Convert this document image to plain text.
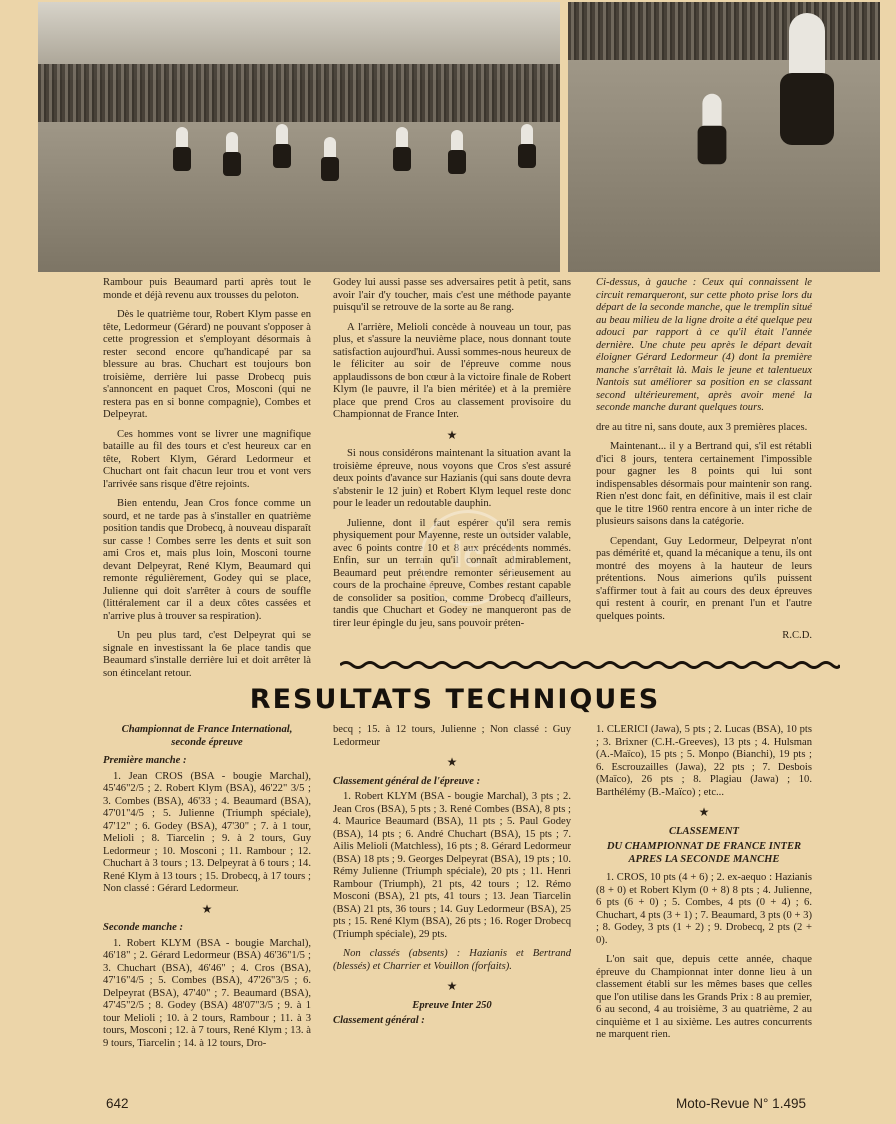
Rambour puis Beaumard parti après tout le monde et déjà revenu aux trousses du peloton.

Dès le quatrième tour, Robert Klym passe en tête, Ledormeur (Gérard) ne pouvant s'opposer à cette progression et s'employant désormais à rester second encore qu'handicapé par sa blessure au bras. Chuchart est toujours bon troisième, derrière lui passe Drobecq puis s'annoncent en paquet Cros, Mosconi (qui ne restera pas en si bonne compagnie), Combes et Delpeyrat.

Ces hommes vont se livrer une magnifique bataille au fil des tours et c'est heureux car en tête, Robert Klym, Gérard Ledormeur et Chuchart ont fait chacun leur trou et vont vers l'arrivée sans risque d'être rejoints.

Bien entendu, Jean Cros fonce comme un sourd, et ne tarde pas à s'installer en quatrième position tandis que Drobecq, à nouveau disparaît sur casse ! Combes serre les dents et suit son ami Cros et, mais plus loin, Mosconi tourne devant Delpeyrat, René Klym, Beaumard qui remonte régulièrement, Godey qui se place, Julienne qui doit s'arrêter à cours de souffle (littéralement car il a deux côtes cassées et n'arrive plus à trouver sa respiration).

Un peu plus tard, c'est Delpeyrat qui se signale en investissant la 6e place tandis que Beaumard s'installe derrière lui et doit arrêter là son étincelant retour.

Godey lui aussi passe ses adversaires petit à petit, sans avoir l'air d'y toucher, mais c'est une méthode payante puisqu'il se retrouve de la sorte au 8e rang.

A l'arrière, Melioli concède à nouveau un tour, pas plus, et s'assure la neuvième place, nous donnant toute satisfaction aujourd'hui. Aussi sommes-nous heureux de le féliciter au soir de l'épreuve comme nous applaudissons de bon cœur à la victoire finale de Robert Klym (le pauvre, il l'a bien méritée) et à la première place que prend Cros au classement provisoire du Championnat de France Inter.

★

Si nous considérons maintenant la situation avant la troisième épreuve, nous voyons que Cros s'est assuré deux points d'avance sur Hazianis (qui sans doute devra s'abstenir le 12 juin) et Robert Klym lequel reste donc pour le leader un redoutable dauphin.

Julienne, dont il faut espérer qu'il sera remis physiquement pour Mayenne, reste un outsider valable, avec 6 points contre 10 et 8 aux précédents nommés. Enfin, sur un terrain qu'il connaît admirablement, Beaumard peut prétendre remonter sérieusement au cours de la prochaine épreuve, Combes restant capable de consolider sa position, comme Drobecq d'ailleurs, tandis que Chuchart et Godey ne manqueront pas de tirer leur épingle du jeu, sans pouvoir préten-

Ci-dessus, à gauche : Ceux qui connaissent le circuit remarqueront, sur cette photo prise lors du départ de la seconde manche, que le tremplin situé au beau milieu de la ligne droite a été quelque peu adouci par rapport à ce qu'il était l'année dernière. Une chute peu après le départ devait éloigner Gérard Ledormeur (4) dont la première manche s'arrêtait là. Mais le jeune et talentueux Nantois sut améliorer sa position en se classant second ultérieurement, après avoir mené la seconde manche durant quelques tours.

dre au titre ni, sans doute, aux 3 premières places.

Maintenant... il y a Bertrand qui, s'il est rétabli d'ici 8 jours, tentera certainement l'impossible pour gagner les 8 points qui lui sont indispensables désormais pour maintenir son rang. Rien n'est donc fait, en définitive, mais il est clair que le titre 1960 rentra encore à un inter riche de plusieurs saisons dans la catégorie.

Cependant, Guy Ledormeur, Delpeyrat n'ont pas démérité et, quand la mécanique a tenu, ils ont montré des moyens à la hauteur de leurs prétentions. Nous aimerions qu'ils puissent s'affirmer tout à fait au cours des deux épreuves qui restent à courir, en prenant l'un et l'autre quelques points.

R.C.D.
RESULTATS TECHNIQUES
Championnat de France International, seconde épreuve
Première manche :

1. Jean CROS (BSA - bougie Marchal), 45'46"2/5 ; 2. Robert Klym (BSA), 46'22" 3/5 ; 3. Combes (BSA), 46'33 ; 4. Beaumard (BSA), 47'01"4/5 ; 5. Julienne (Triumph spéciale), 47'12" ; 6. Godey (BSA), 47'30" ; 7. à 1 tour, Melioli ; 8. Tiarcelin ; 9. à 2 tours, Guy Ledormeur ; 10. Mosconi ; 11. Rambour ; 12. Chuchart à 3 tours ; 13. Delpeyrat à 6 tours ; 14. René Klym à 13 tours ; 15. Drobecq, à 17 tours ; Non classé : Gérard Ledormeur.

★

Seconde manche :

1. Robert KLYM (BSA - bougie Marchal), 46'18" ; 2. Gérard Ledormeur (BSA) 46'36"1/5 ; 3. Chuchart (BSA), 46'46" ; 4. Cros (BSA), 47'16"4/5 ; 5. Combes (BSA), 47'26"3/5 ; 6. Delpeyrat (BSA), 47'40" ; 7. Beaumard (BSA), 47'45"2/5 ; 8. Godey (BSA) 48'07"3/5 ; 9. à 1 tour Melioli ; 10. à 2 tours, Rambour ; 11. à 3 tours, Mosconi ; 12. à 7 tours, René Klym ; 13. à 9 tours, Tiarcelin ; 14. à 12 tours, Dro-

becq ; 15. à 12 tours, Julienne ; Non classé : Guy Ledormeur

★

Classement général de l'épreuve :

1. Robert KLYM (BSA - bougie Marchal), 3 pts ; 2. Jean Cros (BSA), 5 pts ; 3. René Combes (BSA), 8 pts ; 4. Maurice Beaumard (BSA), 11 pts ; 5. Paul Godey (BSA), 14 pts ; 6. André Chuchart (BSA), 15 pts ; 7. Ailis Melioli (Matchless), 16 pts ; 8. Gérard Ledormeur (BSA) 18 pts ; 9. Georges Delpeyrat (BSA), 19 pts ; 10. Rémy Julienne (Triumph spéciale), 20 pts ; 11. Henri Rambour (Triumph), 21 pts, 42 tours ; 12. Rémo Mosconi (BSA), 21 pts, 41 tours ; 13. Jean Tiarcelin (BSA) 21 pts, 36 tours ; 14. Guy Ledormeur (BSA), 25 pts ; 15. René Klym (BSA), 26 pts ; 16. Roger Drobecq (Triumph spéciale), 29 pts.

Non classés (absents) : Hazianis et Bertrand (blessés) et Charrier et Vouillon (forfaits).

★

Epreuve Inter 250
Classement général :

1. CLERICI (Jawa), 5 pts ; 2. Lucas (BSA), 10 pts ; 3. Brixner (C.H.-Greeves), 13 pts ; 4. Hulsman (A.-Maïco), 15 pts ; 5. Monpo (Bianchi), 19 pts ; 6. Escrouzailles (Jawa), 22 pts ; 7. Desbois (Maïco), 26 pts ; 8. Plagiau (Jawa) ; 10. Barthélémy (B.-Maïco) ; etc...

★

CLASSEMENT
DU CHAMPIONNAT DE FRANCE INTER APRES LA SECONDE MANCHE

1. CROS, 10 pts (4 + 6) ; 2. ex-aequo : Hazianis (8 + 0) et Robert Klym (0 + 8) 8 pts ; 4. Julienne, 6 pts (6 + 0) ; 5. Combes, 4 pts (0 + 4) ; 6. Chuchart, 4 pts (3 + 1) ; 7. Beaumard, 3 pts (0 + 3) ; 8. Godey, 3 pts (1 + 2) ; 9. Drobecq, 2 pts (2 + 0).

L'on sait que, depuis cette année, chaque épreuve du Championnat inter donne lieu à un classement établi sur les mêmes bases que celles que l'on utilise dans les Grands Prix : 8 au premier, 6 au second, 4 au troisième, 3 au quatrième, 2 au cinquième et 1 au sixième. Les autres concurrents ne marquent rien.

lc
642	Moto-Revue N° 1.495
